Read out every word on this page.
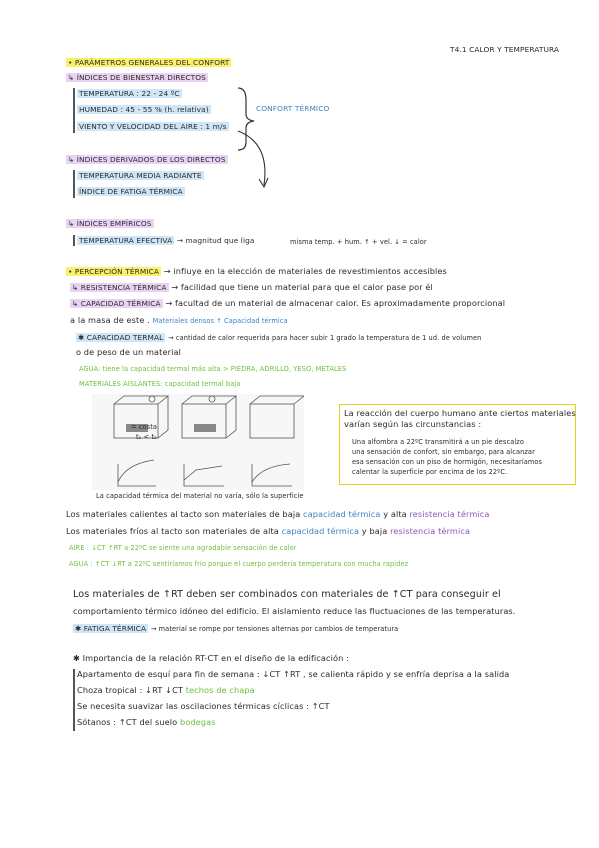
T4.1 CALOR Y TEMPERATURA
• PARÁMETROS GENERALES DEL CONFORT
↳ ÍNDICES DE BIENESTAR DIRECTOS
TEMPERATURA : 22 - 24 ºC
HUMEDAD : 45 - 55 % (h. relativa)
VIENTO Y VELOCIDAD DEL AIRE : 1 m/s
CONFORT TÉRMICO
↳ ÍNDICES DERIVADOS DE LOS DIRECTOS
TEMPERATURA MEDIA RADIANTE
ÍNDICE DE FATIGA TÉRMICA
↳ ÍNDICES EMPÍRICOS
TEMPERATURA EFECTIVA → magnitud que liga	misma temp. + hum. ↑ + vel. ↓ = calor
• PERCEPCIÓN TÉRMICA → influye en la elección de materiales de revestimientos accesibles
↳ RESISTENCIA TÉRMICA → facilidad que tiene un material para que el calor pase por él
↳ CAPACIDAD TÉRMICA → facultad de un material de almacenar calor. Es aproximadamente proporcional
a la masa de este . Materiales densos ↑ Capacidad térmica
✱ CAPACIDAD TERMAL → cantidad de calor requerida para hacer subir 1 grado la temperatura de 1 ud. de volumen
o de peso de un material
AGUA: tiene la capacidad termal más alta > PIEDRA, ADRILLO, YESO, METALES
MATERIALES AISLANTES: capacidad termal baja
= costa
t₁ < t₂
La capacidad térmica del material no varía, sólo la superficie
La reacción del cuerpo humano ante ciertos materiales
varían según las circunstancias :
Una alfombra a 22ºC transmitirá a un pie descalzo
una sensación de confort, sin embargo, para alcanzar
esa sensación con un piso de hormigón, necesitaríamos
calentar la superficie por encima de los 22ºC.
Los materiales calientes al tacto son materiales de baja capacidad térmica y alta resistencia térmica
Los materiales fríos al tacto son materiales de alta capacidad térmica y baja resistencia térmica
AIRE : ↓CT ↑RT a 22ºC se siente una agradable sensación de calor
AGUA : ↑CT ↓RT a 22ºC sentiríamos frío porque el cuerpo perdería temperatura con mucha rapidez
Los materiales de ↑RT deben ser combinados con materiales de ↑CT para conseguir el
comportamiento térmico idóneo del edificio. El aislamiento reduce las fluctuaciones de las temperaturas.
✱ FATIGA TÉRMICA → material se rompe por tensiones alternas por cambios de temperatura
✱ Importancia de la relación RT-CT en el diseño de la edificación :
Apartamento de esquí para fin de semana : ↓CT ↑RT , se calienta rápido y se enfría deprisa a la salida
Choza tropical : ↓RT ↓CT techos de chapa
Se necesita suavizar las oscilaciones térmicas cíclicas : ↑CT
Sótanos : ↑CT del suelo bodegas
